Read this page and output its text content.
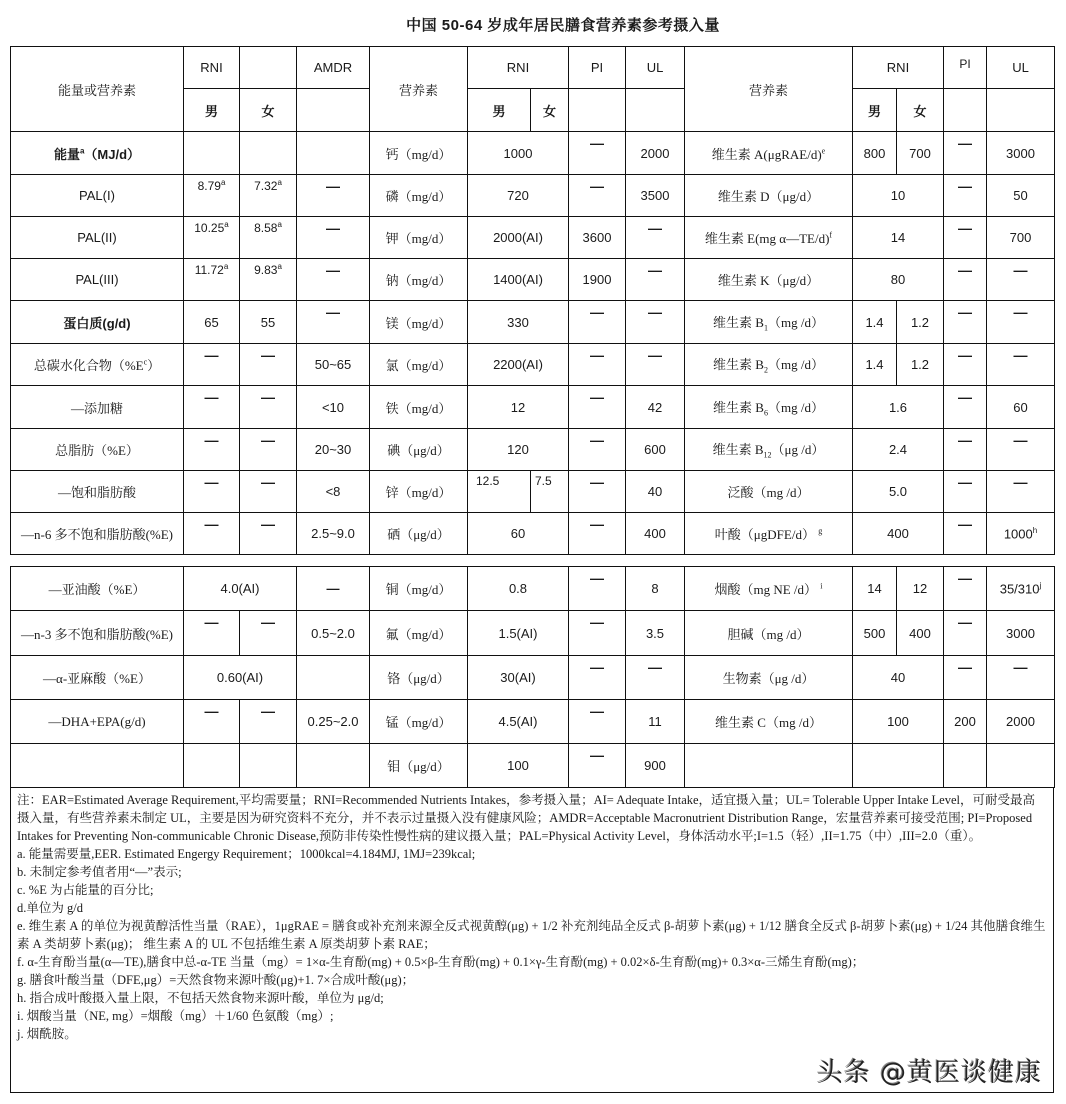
中国 50-64 岁成年居民膳食营养素参考摄入量
能量或营养素	RNI		AMDR	营养素	RNI		PI	UL	营养素	RNI		PI	UL
	男	女			男	女				男	女		
能量$^a$（MJ/d）				钙（mg/d）	1000		—	2000	维生素 A(μgRAE/d)$^e$	800	700	—	3000
PAL(I)	8.79$^a$	7.32$^a$	—	磷（mg/d）	720		—	3500	维生素 D（μg/d）	10		—	50
PAL(II)	10.25$^a$	8.58$^a$	—	钾（mg/d）	2000(AI)		3600	—	维生素 E(mg α—TE/d)$^f$	14		—	700
PAL(III)	11.72$^a$	9.83$^a$	—	钠（mg/d）	1400(AI)		1900	—	维生素 K（μg/d）	80		—	—

蛋白质(g/d)	65	55	—	镁（mg/d）	330		—	—	维生素 $B_1(mg$ /d）	1.4	1.2	—	—

总碳水化合物$(\%E^c)$	—	—	50~65	氯（mg/d）	2200(AI)		—	—	维生素 $B_2(mg$ /d）	1.4	1.2	—	—

—添加糖	—	—	<10	铁（mg/d）	12		—	42	维生素 $B_6(mg$ /d）	1.6		—	60
总脂肪（%E）	—	—	20~30	碘（μg/d）	120		—	600	维生素 $B_{12}(\mu g$ /d）	2.4		—	—

—饱和脂肪酸	—	—	<8	锌（mg/d）	12.5	7.5	—	40	泛酸（mg /d）	5.0		—	—

—n-6 多不饱和脂肪酸(%E)	—	—	2.5~9.0	硒（μg/d）	60		—	400	叶酸（μgDFE/d） $^g$	400		—	1000$^h$
—亚油酸（%E）	4.0(AI)		—	铜（mg/d）	0.8	—	8	烟酸（mg NE /d） $^i$	14	12	—	35/310$^j$
—n-3 多不饱和脂肪酸(%E)	—	—	0.5~2.0	氟（mg/d）	1.5(AI)	—	3.5	胆碱（mg /d）	500	400	—	3000
—α-亚麻酸（%E）	0.60(AI)			铬（μg/d）	30(AI)	—	—	生物素（μg /d）	40		—	—

—DHA+EPA(g/d)	—	—	0.25~2.0	锰（mg/d）	4.5(AI)	—	11	维生素 C（mg /d）	100		200	2000
				钼（μg/d）	100	—	900					

注：EAR=Estimated Average Requirement,平均需要量；RNI=Recommended Nutrients Intakes，参考摄入量；AI= Adequate Intake，适宜摄入量；UL= Tolerable Upper Intake Level，可耐受最高摄入量，有些营养素未制定 UL，主要是因为研究资料不充分，并不表示过量摄入没有健康风险；AMDR=Acceptable Macronutrient Distribution Range，宏量营养素可接受范围; PI=Proposed Intakes for Preventing Non-communicable Chronic Disease,预防非传染性慢性病的建议摄入量；PAL=Physical Activity Level，身体活动水平;I=1.5（轻）,II=1.75（中）,III=2.0（重）。

a. 能量需要量,EER. Estimated Engergy Requirement；1000kcal=4.184MJ, 1MJ=239kcal;

b. 未制定参考值者用“—”表示;

c. %E 为占能量的百分比;

d.单位为 g/d

e. 维生素 A 的单位为视黄醇活性当量（RAE），1μgRAE = 膳食或补充剂来源全反式视黄醇(μg) + 1/2 补充剂纯品全反式 β-胡萝卜素(μg) + 1/12 膳食全反式 β-胡萝卜素(μg) + 1/24 其他膳食维生素 A 类胡萝卜素(μg)； 维生素 A 的 UL 不包括维生素 A 原类胡萝卜素 RAE；

f. α-生育酚当量(α—TE),膳食中总-α-TE 当量（mg）= 1×α-生育酚(mg) + 0.5×β-生育酚(mg) + 0.1×γ-生育酚(mg) + 0.02×δ-生育酚(mg)+ 0.3×α-三烯生育酚(mg)；

g. 膳食叶酸当量（DFE,μg）=天然食物来源叶酸(μg)+1. 7×合成叶酸(μg)；

h. 指合成叶酸摄入量上限，不包括天然食物来源叶酸，单位为 μg/d;

i. 烟酸当量（NE, mg）=烟酸（mg）＋1/60 色氨酸（mg）;

j. 烟酰胺。

头条 @黄医谈健康
